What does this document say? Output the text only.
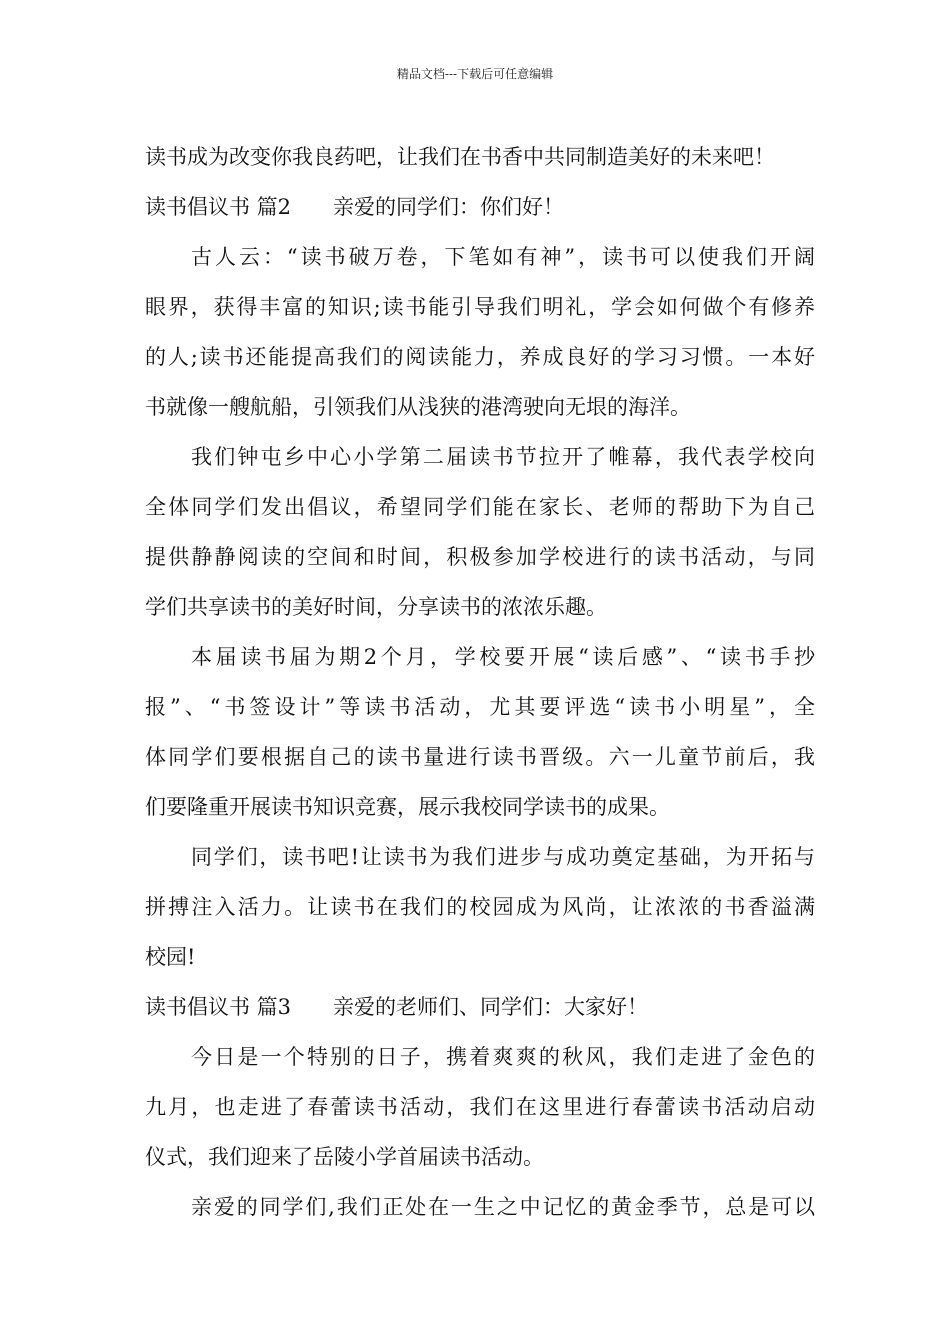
精品文档---下载后可任意编辑
读书成为改变你我良药吧，让我们在书香中共同制造美好的未来吧！
读书倡议书 篇2　　亲爱的同学们：你们好！
古人云：“读书破万卷，下笔如有神”，读书可以使我们开阔
眼界，获得丰富的知识;读书能引导我们明礼，学会如何做个有修养
的人;读书还能提高我们的阅读能力，养成良好的学习习惯。一本好
书就像一艘航船，引领我们从浅狭的港湾驶向无垠的海洋。
我们钟屯乡中心小学第二届读书节拉开了帷幕，我代表学校向
全体同学们发出倡议，希望同学们能在家长、老师的帮助下为自己
提供静静阅读的空间和时间，积极参加学校进行的读书活动，与同
学们共享读书的美好时间，分享读书的浓浓乐趣。
本届读书届为期2个月，学校要开展“读后感”、“读书手抄
报”、“书签设计”等读书活动，尤其要评选“读书小明星”，全
体同学们要根据自己的读书量进行读书晋级。六一儿童节前后，我
们要隆重开展读书知识竞赛，展示我校同学读书的成果。
同学们，读书吧!让读书为我们进步与成功奠定基础，为开拓与
拼搏注入活力。让读书在我们的校园成为风尚，让浓浓的书香溢满
校园!
读书倡议书 篇3　　亲爱的老师们、同学们：大家好！
今日是一个特别的日子，携着爽爽的秋风，我们走进了金色的
九月，也走进了春蕾读书活动，我们在这里进行春蕾读书活动启动
仪式，我们迎来了岳陵小学首届读书活动。
亲爱的同学们,我们正处在一生之中记忆的黄金季节，总是可以
